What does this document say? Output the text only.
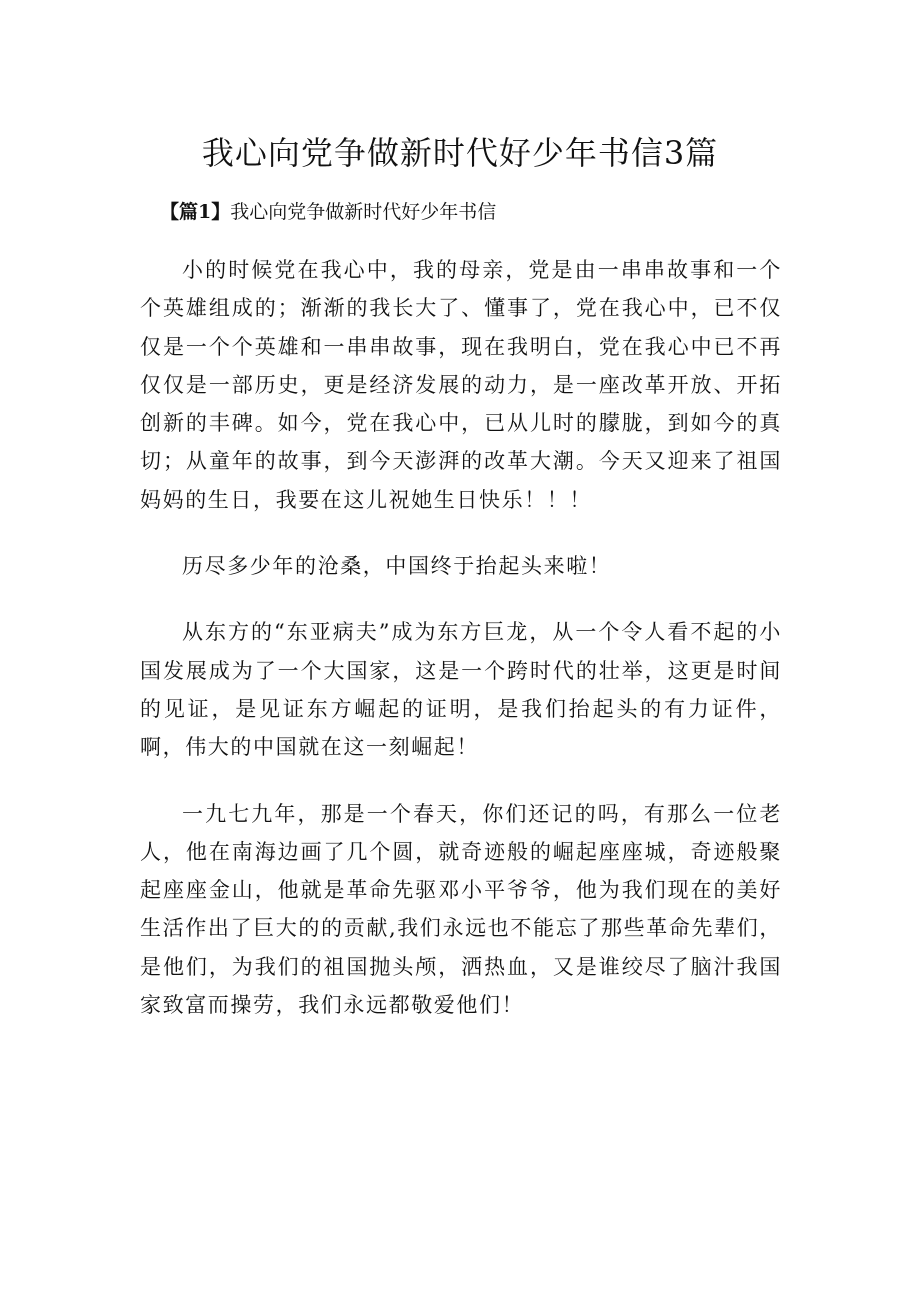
我心向党争做新时代好少年书信3篇

【篇1】我心向党争做新时代好少年书信

小的时候党在我心中，我的母亲，党是由一串串故事和一个个英雄组成的；渐渐的我长大了、懂事了，党在我心中，已不仅仅是一个个英雄和一串串故事，现在我明白，党在我心中已不再仅仅是一部历史，更是经济发展的动力，是一座改革开放、开拓创新的丰碑。如今，党在我心中，已从儿时的朦胧，到如今的真切；从童年的故事，到今天澎湃的改革大潮。今天又迎来了祖国妈妈的生日，我要在这儿祝她生日快乐！！！

历尽多少年的沧桑，中国终于抬起头来啦！

从东方的“东亚病夫”成为东方巨龙，从一个令人看不起的小国发展成为了一个大国家，这是一个跨时代的壮举，这更是时间的见证，是见证东方崛起的证明，是我们抬起头的有力证件，啊，伟大的中国就在这一刻崛起！

一九七九年，那是一个春天，你们还记的吗，有那么一位老人，他在南海边画了几个圆，就奇迹般的崛起座座城，奇迹般聚起座座金山，他就是革命先驱邓小平爷爷，他为我们现在的美好生活作出了巨大的的贡献,我们永远也不能忘了那些革命先辈们，是他们，为我们的祖国抛头颅，洒热血，又是谁绞尽了脑汁我国家致富而操劳，我们永远都敬爱他们！
